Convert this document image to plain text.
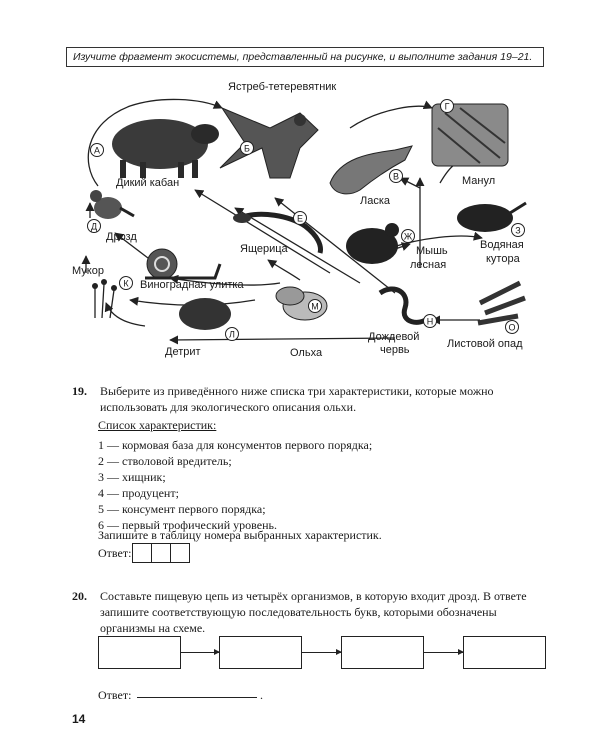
Изучите фрагмент экосистемы, представленный на рисунке, и выполните задания 19–21.
А	Б
В
Г
Д
Е
Ж
З
К
Л
М
Н
О
Дикий кабан
Ястреб-тетеревятник
Ласка
Манул
Дрозд
Ящерица	Мышь
лесная
Водяная
кутора
Мукор
Виноградная улитка
Детрит	Ольха
Дождевой
червь	Листовой опад
19. Выберите из приведённого ниже списка три характеристики, которые можно использовать для экологического описания ольхи.
Список характеристик:
1 — кормовая база для консументов первого порядка;
2 — стволовой вредитель;
3 — хищник;
4 — продуцент;
5 — консумент первого порядка;
6 — первый трофический уровень.
Запишите в таблицу номера выбранных характеристик.
Ответ:
20. Составьте пищевую цепь из четырёх организмов, в которую входит дрозд. В ответе запишите соответствующую последовательность букв, которыми обозначены организмы на схеме.
Ответ:	.
14
